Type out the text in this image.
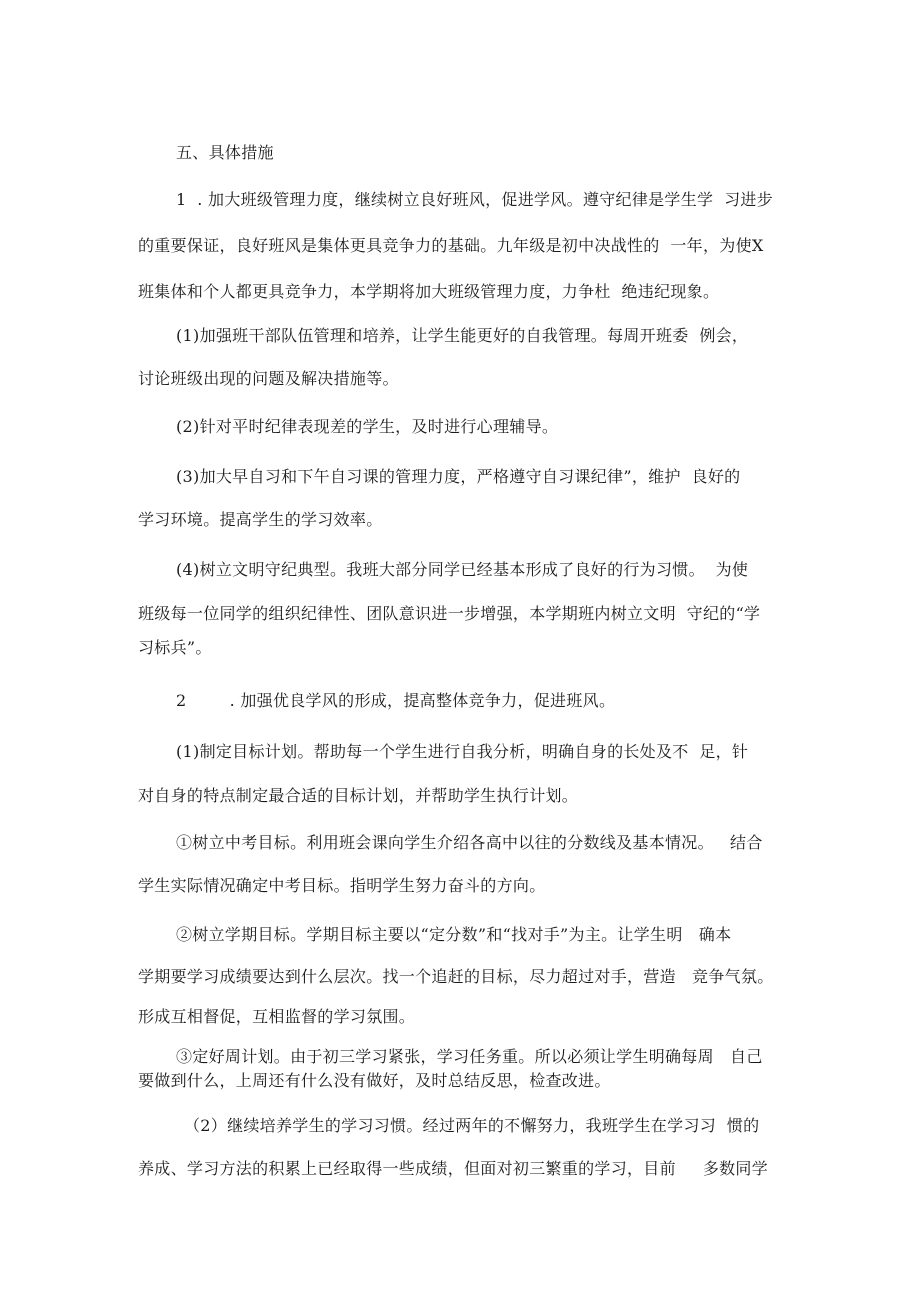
五、具体措施
1  . 加大班级管理力度，继续树立良好班风，促进学风。遵守纪律是学生学  习进步
的重要保证，良好班风是集体更具竞争力的基础。九年级是初中决战性的  一年，为使X
班集体和个人都更具竞争力，本学期将加大班级管理力度，力争杜  绝违纪现象。
(1)加强班干部队伍管理和培养，让学生能更好的自我管理。每周开班委  例会，
讨论班级出现的问题及解决措施等。
(2)针对平时纪律表现差的学生，及时进行心理辅导。
(3)加大早自习和下午自习课的管理力度，严格遵守自习课纪律”，维护  良好的
学习环境。提高学生的学习效率。
(4)树立文明守纪典型。我班大部分同学已经基本形成了良好的行为习惯。  为使
班级每一位同学的组织纪律性、团队意识进一步增强，本学期班内树立文明  守纪的“学
习标兵”。
2        . 加强优良学风的形成，提高整体竞争力，促进班风。
(1)制定目标计划。帮助每一个学生进行自我分析，明确自身的长处及不  足，针
对自身的特点制定最合适的目标计划，并帮助学生执行计划。
①树立中考目标。利用班会课向学生介绍各高中以往的分数线及基本情况。   结合
学生实际情况确定中考目标。指明学生努力奋斗的方向。
②树立学期目标。学期目标主要以“定分数”和“找对手”为主。让学生明   确本
学期要学习成绩要达到什么层次。找一个追赶的目标，尽力超过对手，营造   竞争气氛。
形成互相督促，互相监督的学习氛围。
③定好周计划。由于初三学习紧张，学习任务重。所以必须让学生明确每周   自己
要做到什么，上周还有什么没有做好，及时总结反思，检查改进。
（2）继续培养学生的学习习惯。经过两年的不懈努力，我班学生在学习习  惯的
养成、学习方法的积累上已经取得一些成绩，但面对初三繁重的学习，目前     多数同学
